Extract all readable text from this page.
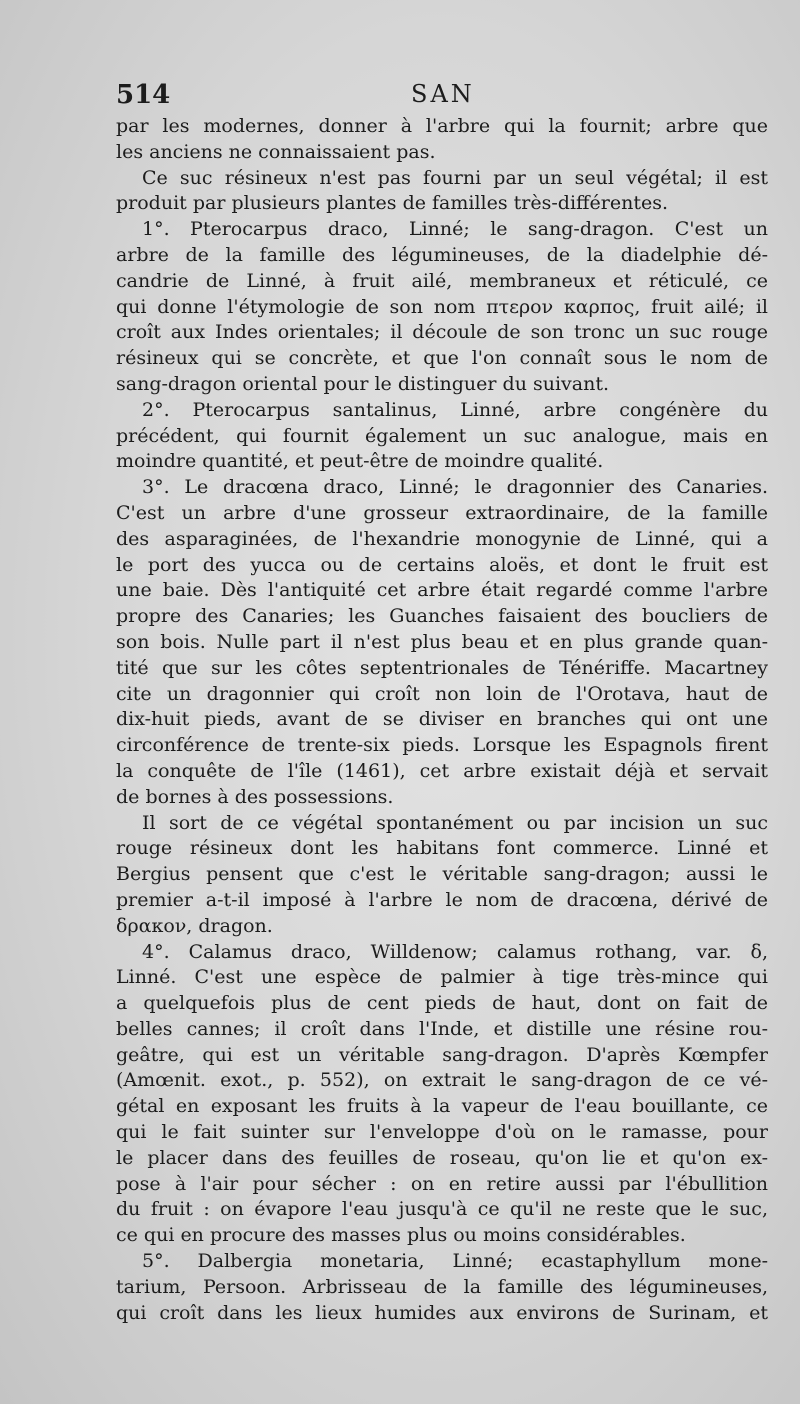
514	SAN
par les modernes, donner à l'arbre qui la fournit; arbre que
les anciens ne connaissaient pas.
Ce suc résineux n'est pas fourni par un seul végétal; il est
produit par plusieurs plantes de familles très-différentes.
1°. Pterocarpus draco, Linné; le sang-dragon. C'est un
arbre de la famille des légumineuses, de la diadelphie dé-
candrie de Linné, à fruit ailé, membraneux et réticulé, ce
qui donne l'étymologie de son nom πτερον καρπος, fruit ailé; il
croît aux Indes orientales; il découle de son tronc un suc rouge
résineux qui se concrète, et que l'on connaît sous le nom de
sang-dragon oriental pour le distinguer du suivant.
2°. Pterocarpus santalinus, Linné, arbre congénère du
précédent, qui fournit également un suc analogue, mais en
moindre quantité, et peut-être de moindre qualité.
3°. Le dracœna draco, Linné; le dragonnier des Canaries.
C'est un arbre d'une grosseur extraordinaire, de la famille
des asparaginées, de l'hexandrie monogynie de Linné, qui a
le port des yucca ou de certains aloës, et dont le fruit est
une baie. Dès l'antiquité cet arbre était regardé comme l'arbre
propre des Canaries; les Guanches faisaient des boucliers de
son bois. Nulle part il n'est plus beau et en plus grande quan-
tité que sur les côtes septentrionales de Ténériffe. Macartney
cite un dragonnier qui croît non loin de l'Orotava, haut de
dix-huit pieds, avant de se diviser en branches qui ont une
circonférence de trente-six pieds. Lorsque les Espagnols firent
la conquête de l'île (1461), cet arbre existait déjà et servait
de bornes à des possessions.
Il sort de ce végétal spontanément ou par incision un suc
rouge résineux dont les habitans font commerce. Linné et
Bergius pensent que c'est le véritable sang-dragon; aussi le
premier a-t-il imposé à l'arbre le nom de dracœna, dérivé de
δρακον, dragon.
4°. Calamus draco, Willdenow; calamus rothang, var. δ,
Linné. C'est une espèce de palmier à tige très-mince qui
a quelquefois plus de cent pieds de haut, dont on fait de
belles cannes; il croît dans l'Inde, et distille une résine rou-
geâtre, qui est un véritable sang-dragon. D'après Kœmpfer
(Amœnit. exot., p. 552), on extrait le sang-dragon de ce vé-
gétal en exposant les fruits à la vapeur de l'eau bouillante, ce
qui le fait suinter sur l'enveloppe d'où on le ramasse, pour
le placer dans des feuilles de roseau, qu'on lie et qu'on ex-
pose à l'air pour sécher : on en retire aussi par l'ébullition
du fruit : on évapore l'eau jusqu'à ce qu'il ne reste que le suc,
ce qui en procure des masses plus ou moins considérables.
5°. Dalbergia monetaria, Linné; ecastaphyllum mone-
tarium, Persoon. Arbrisseau de la famille des légumineuses,
qui croît dans les lieux humides aux environs de Surinam, et
